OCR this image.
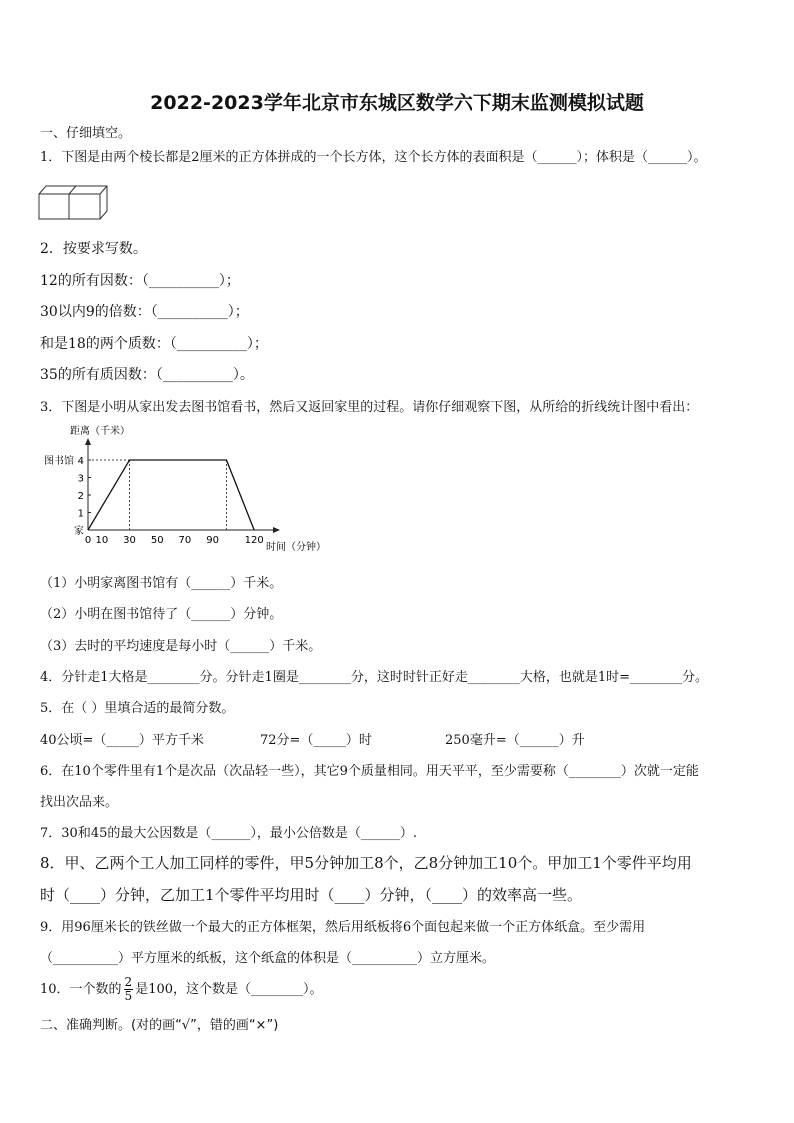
2022-2023学年北京市东城区数学六下期末监测模拟试题
一、仔细填空。
1．下图是由两个棱长都是2厘米的正方体拼成的一个长方体，这个长方体的表面积是（______）；体积是（______）。
2．按要求写数。
12的所有因数：（__________）；
30以内9的倍数：（__________）；
和是18的两个质数：（__________）；
35的所有质因数：（__________）。
3．下图是小明从家出发去图书馆看书，然后又返回家里的过程。请你仔细观察下图，从所给的折线统计图中看出：
距离（千米）
时间（分钟）
家
1
2
3
4
图书馆
0 10 30 50 70 90	120
（1）小明家离图书馆有（______）千米。
（2）小明在图书馆待了（______）分钟。
（3）去时的平均速度是每小时（______）千米。
4．分针走1大格是________分。分针走1圈是________分，这时时针正好走________大格，也就是1时=________分。
5．在（ ）里填合适的最简分数。
40公顷=（_____）平方千米	72分=（_____）时	250毫升=（______）升
6．在10个零件里有1个是次品（次品轻一些），其它9个质量相同。用天平平，至少需要称（________）次就一定能
找出次品来。
7．30和45的最大公因数是（______），最小公倍数是（______）.
8．甲、乙两个工人加工同样的零件，甲5分钟加工8个，乙8分钟加工10个。甲加工1个零件平均用
时（____）分钟，乙加工1个零件平均用时（____）分钟，（____）的效率高一些。
9．用96厘米长的铁丝做一个最大的正方体框架，然后用纸板将6个面包起来做一个正方体纸盒。至少需用
（__________）平方厘米的纸板，这个纸盒的体积是（__________）立方厘米。
10．一个数的 $\frac{2}{5}$ 是100，这个数是（________）。
二、准确判断。(对的画“√”，错的画“×”)
